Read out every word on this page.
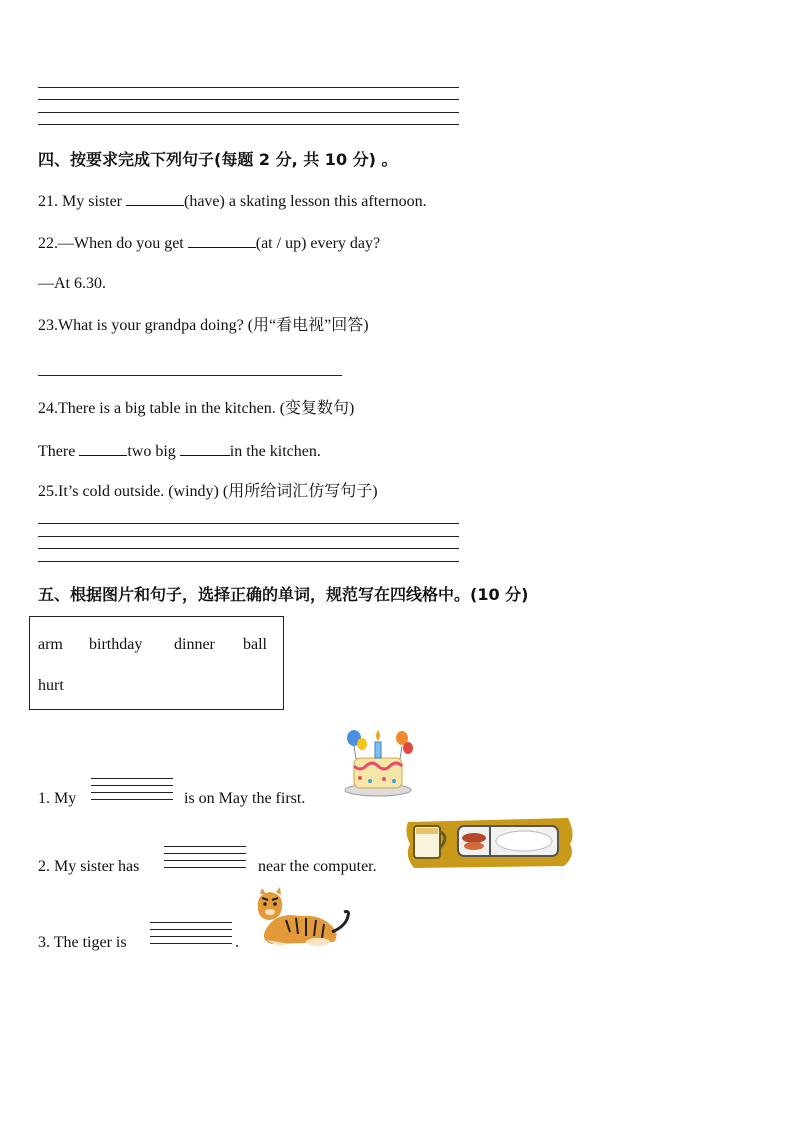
四、按要求完成下列句子(每题 2 分, 共 10 分) 。
21. My sister	(have) a skating lesson this afternoon.
22.—When do you get	(at / up) every day?
—At 6.30.
23.What is your grandpa doing? (用“看电视”回答)
24.There is a big table in the kitchen. (变复数句)
There	two big	in the kitchen.
25.It’s cold outside. (windy) (用所给词汇仿写句子)
五、根据图片和句子，选择正确的单词，规范写在四线格中。(10 分)
arm birthday dinner ball
hurt
1. My	is on May the first.
2. My sister has	near the computer.
3. The tiger is	.
